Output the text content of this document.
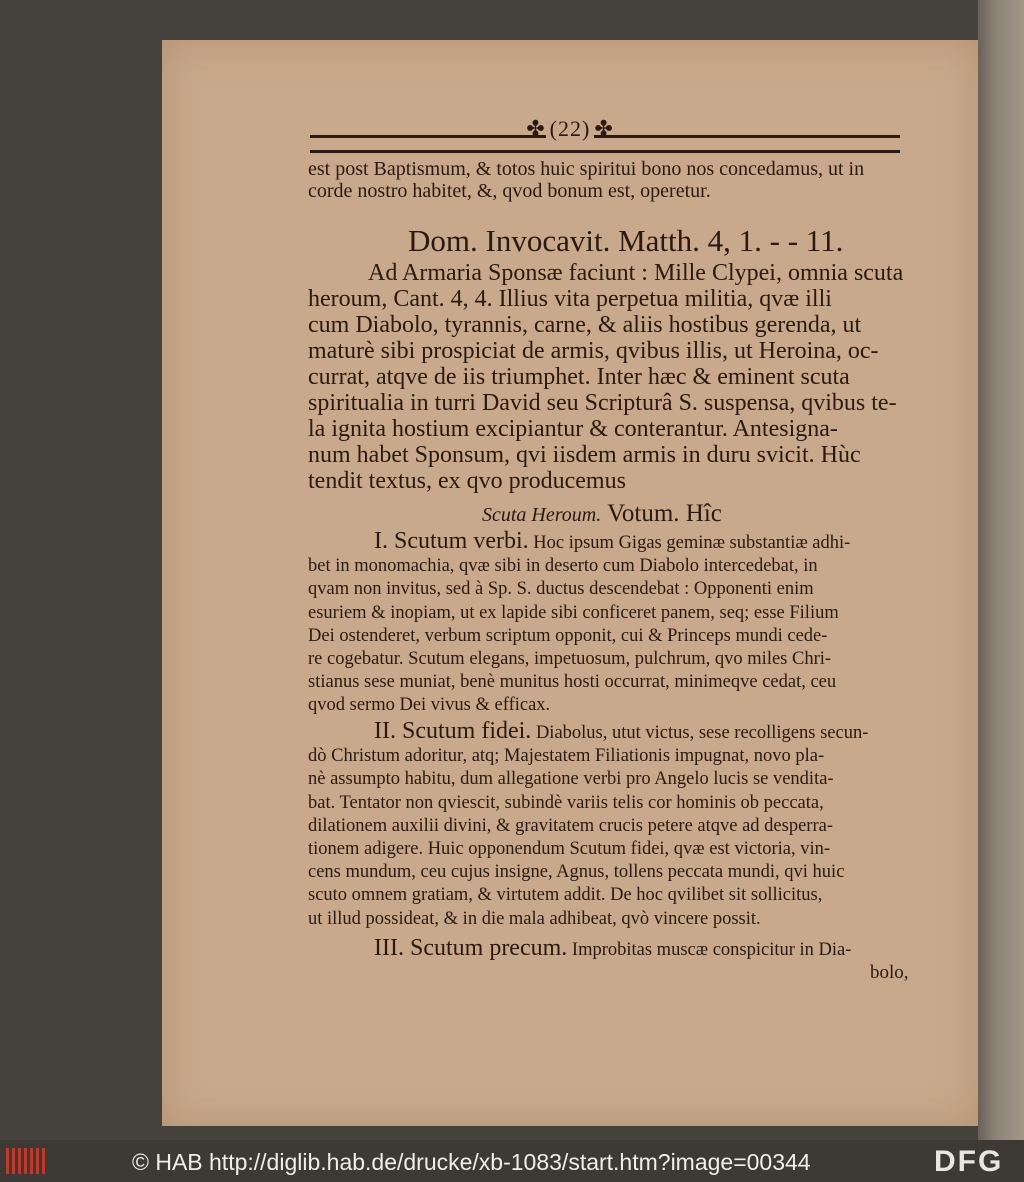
✤ (22) ✤
est post Baptismum, & totos huic spiritui bono nos concedamus, ut in
corde nostro habitet, &, qvod bonum est, operetur.
Dom. Invocavit. Matth. 4, 1. - - 11.
Ad Armaria Sponsæ faciunt : Mille Clypei, omnia scuta
heroum, Cant. 4, 4. Illius vita perpetua militia, qvæ illi
cum Diabolo, tyrannis, carne, & aliis hostibus gerenda, ut
maturè sibi prospiciat de armis, qvibus illis, ut Heroina, oc-
currat, atqve de iis triumphet. Inter hæc & eminent scuta
spiritualia in turri David seu Scripturâ S. suspensa, qvibus te-
la ignita hostium excipiantur & conterantur. Antesigna-
num habet Sponsum, qvi iisdem armis in duru svicit. Hùc
tendit textus, ex qvo producemus
Scuta Heroum. Votum. Hîc
I. Scutum verbi. Hoc ipsum Gigas geminæ substantiæ adhi-
bet in monomachia, qvæ sibi in deserto cum Diabolo intercedebat, in
qvam non invitus, sed à Sp. S. ductus descendebat : Opponenti enim
esuriem & inopiam, ut ex lapide sibi conficeret panem, seq; esse Filium
Dei ostenderet, verbum scriptum opponit, cui & Princeps mundi cede-
re cogebatur. Scutum elegans, impetuosum, pulchrum, qvo miles Chri-
stianus sese muniat, benè munitus hosti occurrat, minimeqve cedat, ceu
qvod sermo Dei vivus & efficax.
II. Scutum fidei. Diabolus, utut victus, sese recolligens secun-
dò Christum adoritur, atq; Majestatem Filiationis impugnat, novo pla-
nè assumpto habitu, dum allegatione verbi pro Angelo lucis se vendita-
bat. Tentator non qviescit, subindè variis telis cor hominis ob peccata,
dilationem auxilii divini, & gravitatem crucis petere atqve ad desperra-
tionem adigere. Huic opponendum Scutum fidei, qvæ est victoria, vin-
cens mundum, ceu cujus insigne, Agnus, tollens peccata mundi, qvi huic
scuto omnem gratiam, & virtutem addit. De hoc qvilibet sit sollicitus,
ut illud possideat, & in die mala adhibeat, qvò vincere possit.
III. Scutum precum. Improbitas muscæ conspicitur in Dia-
bolo,
© HAB http://diglib.hab.de/drucke/xb-1083/start.htm?image=00344	DFG
